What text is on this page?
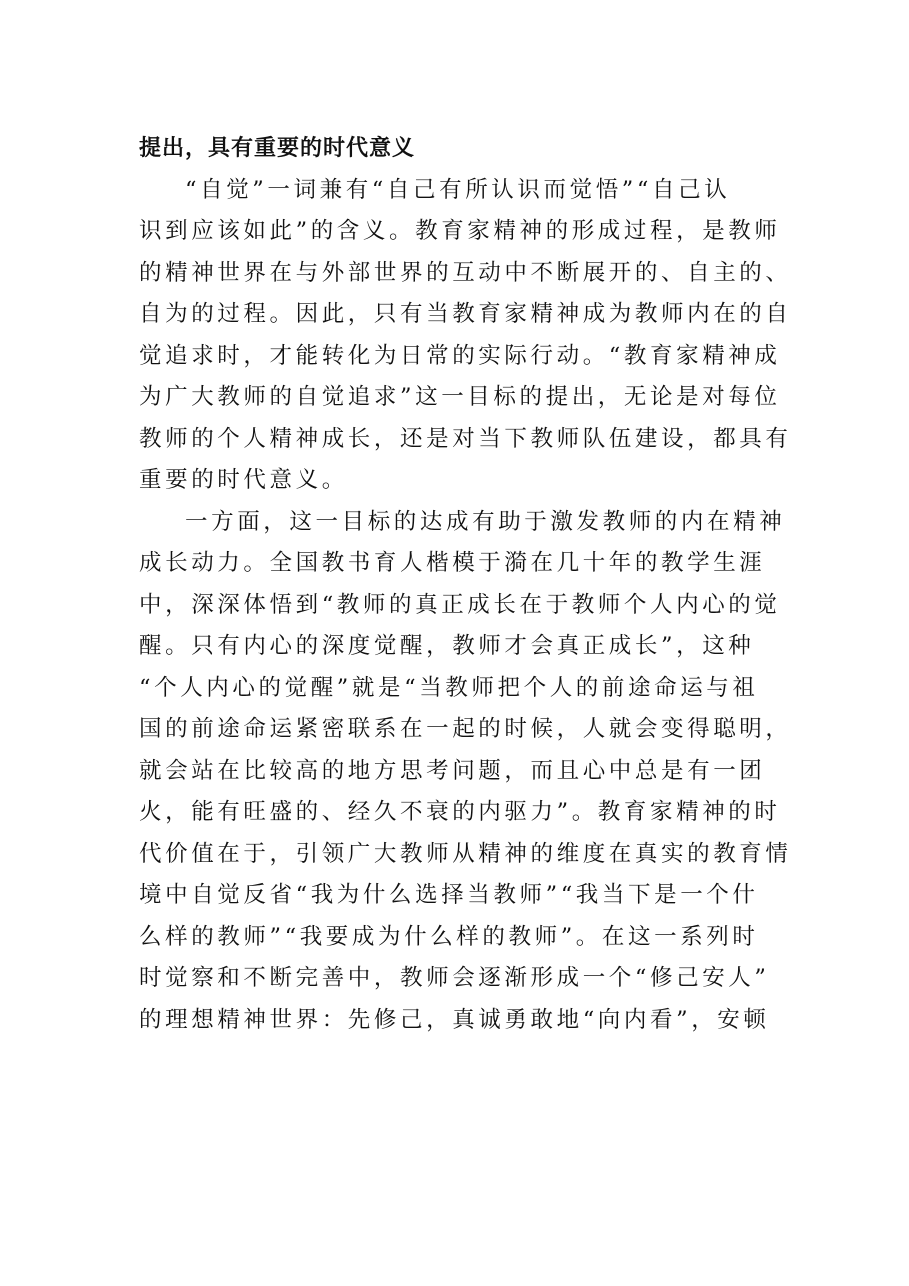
提出，具有重要的时代意义

“自觉”一词兼有“自己有所认识而觉悟”“自己认
识到应该如此”的含义。教育家精神的形成过程，是教师
的精神世界在与外部世界的互动中不断展开的、自主的、
自为的过程。因此，只有当教育家精神成为教师内在的自
觉追求时，才能转化为日常的实际行动。“教育家精神成
为广大教师的自觉追求”这一目标的提出，无论是对每位
教师的个人精神成长，还是对当下教师队伍建设，都具有
重要的时代意义。
一方面，这一目标的达成有助于激发教师的内在精神
成长动力。全国教书育人楷模于漪在几十年的教学生涯
中，深深体悟到“教师的真正成长在于教师个人内心的觉
醒。只有内心的深度觉醒，教师才会真正成长”，这种
“个人内心的觉醒”就是“当教师把个人的前途命运与祖
国的前途命运紧密联系在一起的时候，人就会变得聪明，
就会站在比较高的地方思考问题，而且心中总是有一团
火，能有旺盛的、经久不衰的内驱力”。教育家精神的时
代价值在于，引领广大教师从精神的维度在真实的教育情
境中自觉反省“我为什么选择当教师”“我当下是一个什
么样的教师”“我要成为什么样的教师”。在这一系列时
时觉察和不断完善中，教师会逐渐形成一个“修己安人”
的理想精神世界：先修己，真诚勇敢地“向内看”，安顿
